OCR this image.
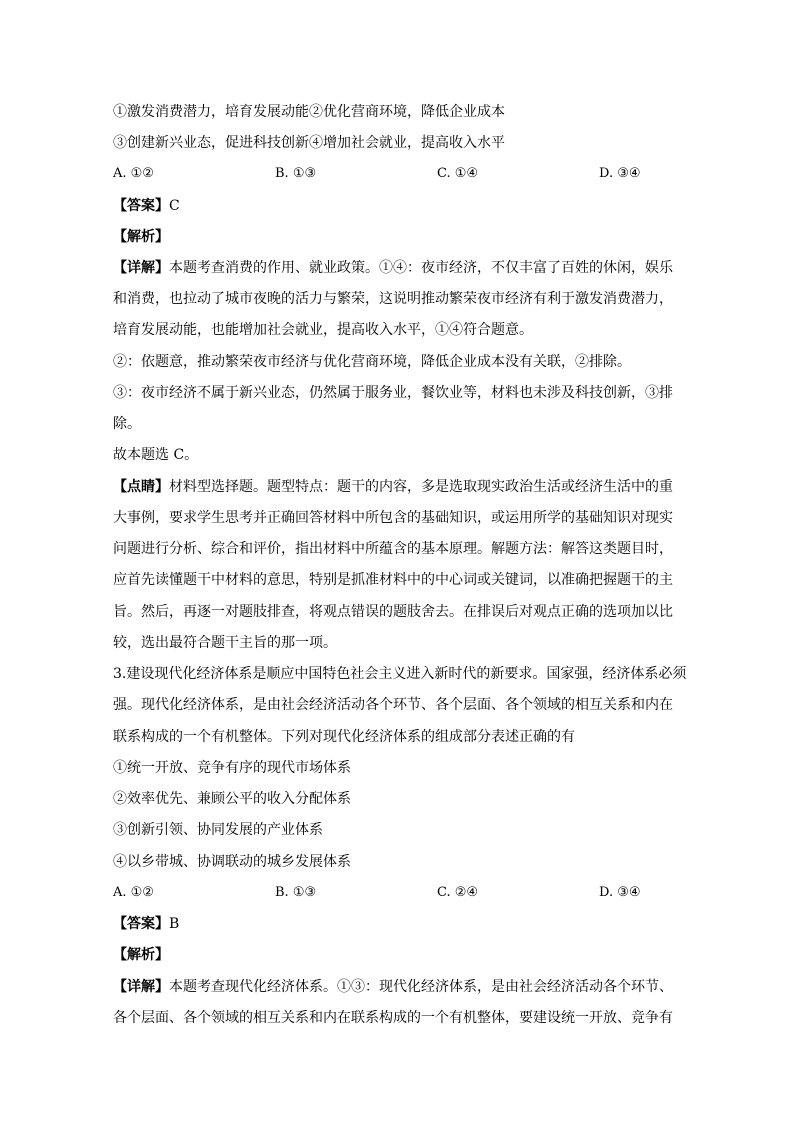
①激发消费潜力，培育发展动能②优化营商环境，降低企业成本
③创建新兴业态，促进科技创新④增加社会就业，提高收入水平
A. ①②	B. ①③	C. ①④	D. ③④
【答案】C
【解析】
【详解】本题考查消费的作用、就业政策。①④：夜市经济，不仅丰富了百姓的休闲，娱乐
和消费，也拉动了城市夜晚的活力与繁荣，这说明推动繁荣夜市经济有利于激发消费潜力，
培育发展动能，也能增加社会就业，提高收入水平，①④符合题意。
②：依题意，推动繁荣夜市经济与优化营商环境，降低企业成本没有关联，②排除。
③：夜市经济不属于新兴业态，仍然属于服务业，餐饮业等，材料也未涉及科技创新，③排
除。
故本题选 C。
【点睛】材料型选择题。题型特点：题干的内容，多是选取现实政治生活或经济生活中的重
大事例，要求学生思考并正确回答材料中所包含的基础知识，或运用所学的基础知识对现实
问题进行分析、综合和评价，指出材料中所蕴含的基本原理。解题方法：解答这类题目时，
应首先读懂题干中材料的意思，特别是抓准材料中的中心词或关键词，以准确把握题干的主
旨。然后，再逐一对题肢排查，将观点错误的题肢舍去。在排误后对观点正确的选项加以比
较，选出最符合题干主旨的那一项。
3.建设现代化经济体系是顺应中国特色社会主义进入新时代的新要求。国家强，经济体系必须
强。现代化经济体系，是由社会经济活动各个环节、各个层面、各个领域的相互关系和内在
联系构成的一个有机整体。下列对现代化经济体系的组成部分表述正确的有
①统一开放、竞争有序的现代市场体系
②效率优先、兼顾公平的收入分配体系
③创新引领、协同发展的产业体系
④以乡带城、协调联动的城乡发展体系
A. ①②	B. ①③	C. ②④	D. ③④
【答案】B
【解析】
【详解】本题考查现代化经济体系。①③：现代化经济体系，是由社会经济活动各个环节、
各个层面、各个领域的相互关系和内在联系构成的一个有机整体，要建设统一开放、竞争有
